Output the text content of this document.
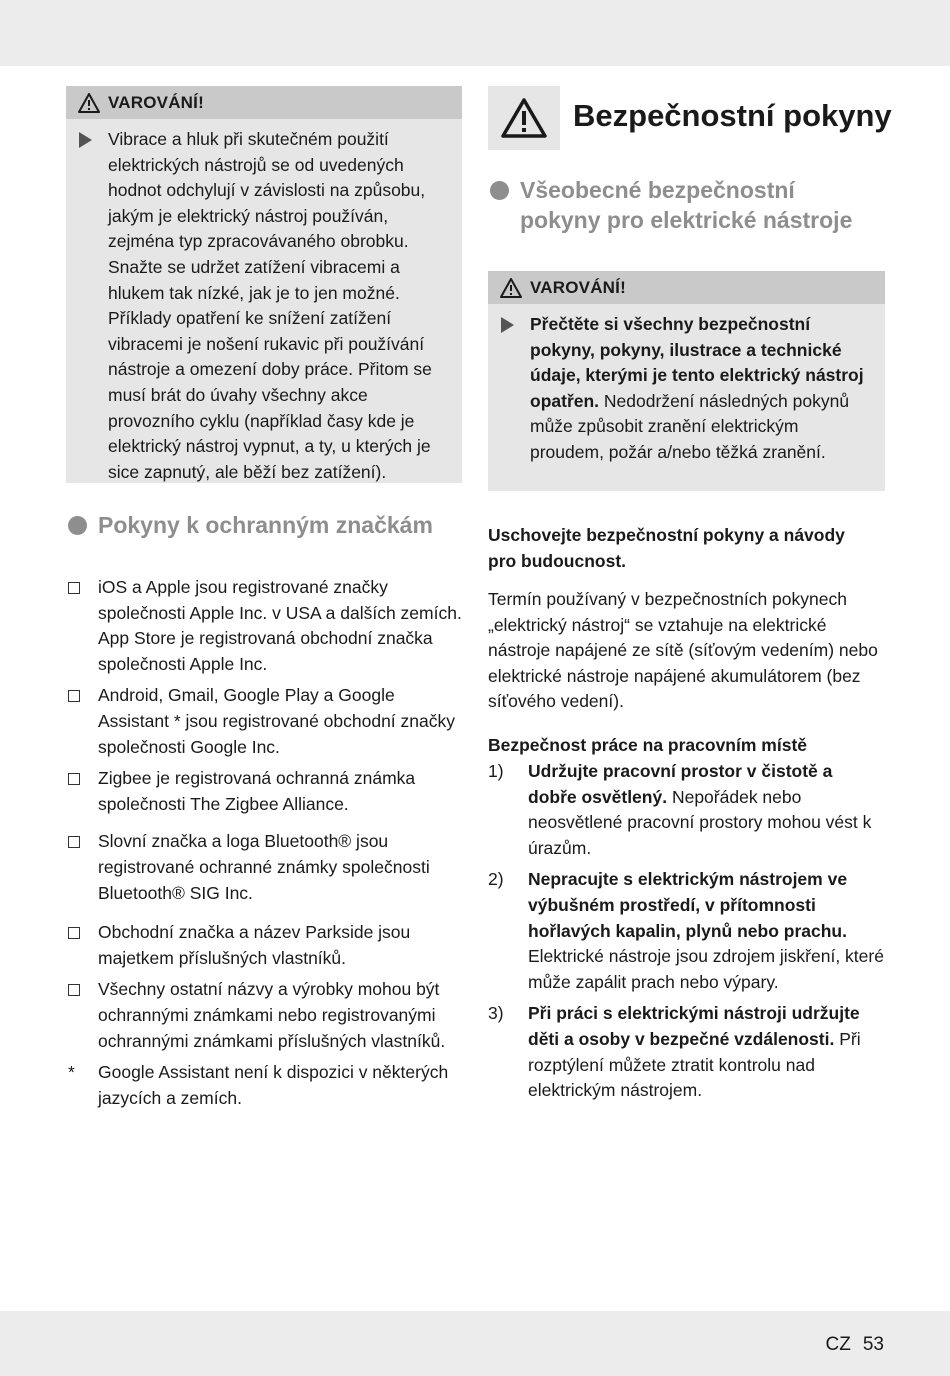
VAROVÁNÍ!

Vibrace a hluk při skutečném použití elektrických nástrojů se od uvedených hodnot odchylují v závislosti na způsobu, jakým je elektrický nástroj používán, zejména typ zpracovávaného obrobku.

Snažte se udržet zatížení vibracemi a hlukem tak nízké, jak je to jen možné. Příklady opatření ke snížení zatížení vibracemi je nošení rukavic při používání nástroje a omezení doby práce. Přitom se musí brát do úvahy všechny akce provozního cyklu (například časy kde je elektrický nástroj vypnut, a ty, u kterých je sice zapnutý, ale běží bez zatížení).

Pokyny k ochranným značkám

iOS a Apple jsou registrované značky společnosti Apple Inc. v USA a dalších zemích. App Store je registrovaná obchodní značka společnosti Apple Inc.

Android, Gmail, Google Play a Google Assistant * jsou registrované obchodní značky společnosti Google Inc.

Zigbee je registrovaná ochranná známka společnosti The Zigbee Alliance.

Slovní značka a loga Bluetooth® jsou registrované ochranné známky společnosti Bluetooth® SIG Inc.

Obchodní značka a název Parkside jsou majetkem příslušných vlastníků.

Všechny ostatní názvy a výrobky mohou být ochrannými známkami nebo registrovanými ochrannými známkami příslušných vlastníků.

* Google Assistant není k dispozici v některých jazycích a zemích.

Bezpečnostní pokyny
Všeobecné bezpečnostní pokyny pro elektrické nástroje
VAROVÁNÍ!

Přečtěte si všechny bezpečnostní pokyny, pokyny, ilustrace a technické údaje, kterými je tento elektrický nástroj opatřen. Nedodržení následných pokynů může způsobit zranění elektrickým proudem, požár a/nebo těžká zranění.

Uschovejte bezpečnostní pokyny a návody pro budoucnost.

Termín používaný v bezpečnostních pokynech „elektrický nástroj“ se vztahuje na elektrické nástroje napájené ze sítě (síťovým vedením) nebo elektrické nástroje napájené akumulátorem (bez síťového vedení).

Bezpečnost práce na pracovním místě

1) Udržujte pracovní prostor v čistotě a dobře osvětlený. Nepořádek nebo neosvětlené pracovní prostory mohou vést k úrazům.
2) Nepracujte s elektrickým nástrojem ve výbušném prostředí, v přítomnosti hořlavých kapalin, plynů nebo prachu. Elektrické nástroje jsou zdrojem jiskření, které může zapálit prach nebo výpary.
3) Při práci s elektrickými nástroji udržujte děti a osoby v bezpečné vzdálenosti. Při rozptýlení můžete ztratit kontrolu nad elektrickým nástrojem.
CZ 53
